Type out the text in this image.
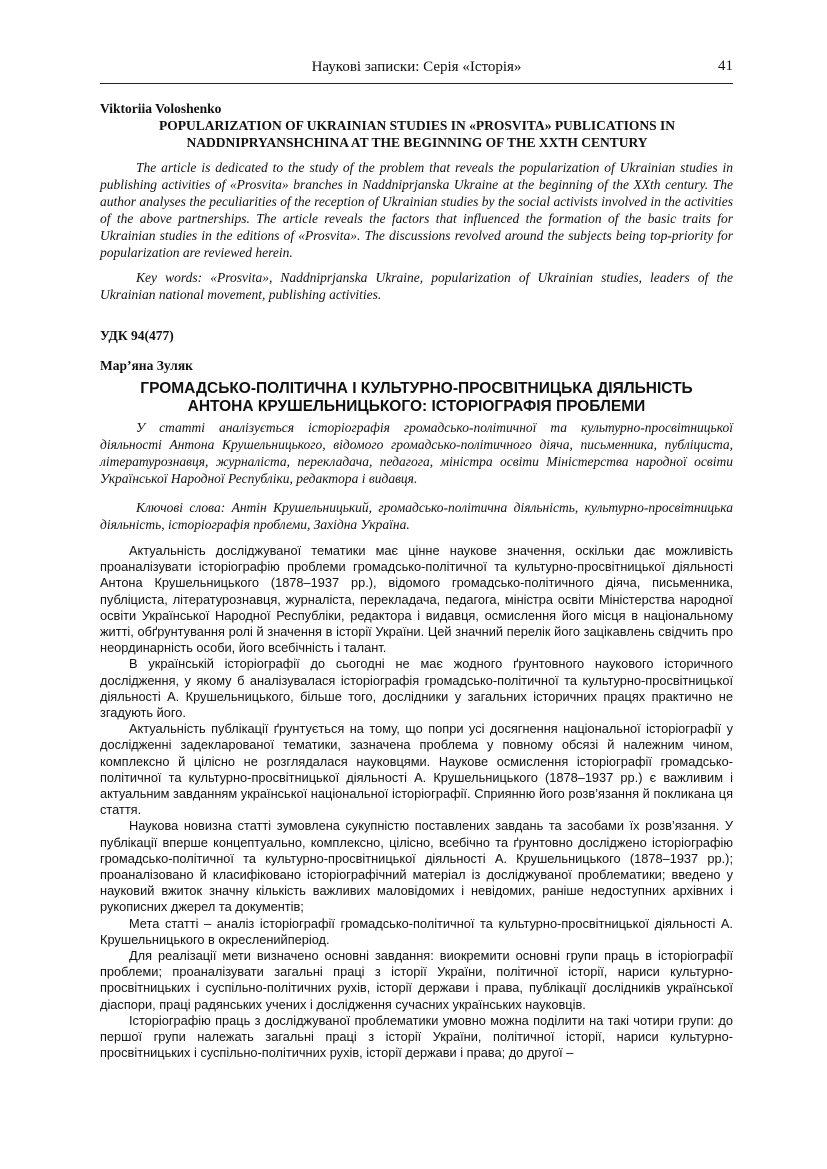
Наукові записки: Серія «Історія»	41
Viktoriia Voloshenko
POPULARIZATION OF UKRAINIAN STUDIES IN «PROSVITA» PUBLICATIONS IN NADDNIPRYANSHCHINA AT THE BEGINNING OF THE XXTH CENTURY
The article is dedicated to the study of the problem that reveals the popularization of Ukrainian studies in publishing activities of «Prosvita» branches in Naddniprjanska Ukraine at the beginning of the XXth century. The author analyses the peculiarities of the reception of Ukrainian studies by the social activists involved in the activities of the above partnerships. The article reveals the factors that influenced the formation of the basic traits for Ukrainian studies in the editions of «Prosvita». The discussions revolved around the subjects being top-priority for popularization are reviewed herein.
Key words: «Prosvita», Naddniprjanska Ukraine, popularization of Ukrainian studies, leaders of the Ukrainian national movement, publishing activities.
УДК 94(477)
Мар’яна Зуляк
ГРОМАДСЬКО-ПОЛІТИЧНА І КУЛЬТУРНО-ПРОСВІТНИЦЬКА ДІЯЛЬНІСТЬ
АНТОНА КРУШЕЛЬНИЦЬКОГО: ІСТОРІОГРАФІЯ ПРОБЛЕМИ
У статті аналізується історіографія громадсько-політичної та культурно-просвітницької діяльності Антона Крушельницького, відомого громадсько-політичного діяча, письменника, публіциста, літературознавця, журналіста, перекладача, педагога, міністра освіти Міністерства народної освіти Української Народної Республіки, редактора і видавця.
Ключові слова: Антін Крушельницький, громадсько-політична діяльність, культурно-просвітницька діяльність, історіографія проблеми, Західна Україна.

Актуальність досліджуваної тематики має цінне наукове значення, оскільки дає можливість проаналізувати історіографію проблеми громадсько-політичної та культурно-просвітницької діяльності Антона Крушельницького (1878–1937 рр.), відомого громадсько-політичного діяча, письменника, публіциста, літературознавця, журналіста, перекладача, педагога, міністра освіти Міністерства народної освіти Української Народної Республіки, редактора і видавця, осмислення його місця в національному житті, обґрунтування ролі й значення в історії України. Цей значний перелік його зацікавлень свідчить про неординарність особи, його всебічність і талант.

В українській історіографії до сьогодні не має жодного ґрунтовного наукового історичного дослідження, у якому б аналізувалася історіографія громадсько-політичної та культурно-просвітницької діяльності А. Крушельницького, більше того, дослідники у загальних історичних працях практично не згадують його.

Актуальність публікації ґрунтується на тому, що попри усі досягнення національної історіографії у дослідженні задекларованої тематики, зазначена проблема у повному обсязі й належним чином, комплексно й цілісно не розглядалася науковцями. Наукове осмислення історіографії громадсько-політичної та культурно-просвітницької діяльності А. Крушельницького (1878–1937 рр.) є важливим і актуальним завданням української національної історіографії. Сприянню його розв’язання й покликана ця стаття.

Наукова новизна статті зумовлена сукупністю поставлених завдань та засобами їх розв’язання. У публікації вперше концептуально, комплексно, цілісно, всебічно та ґрунтовно досліджено історіографію громадсько-політичної та культурно-просвітницької діяльності А. Крушельницького (1878–1937 рр.); проаналізовано й класифіковано історіографічний матеріал із досліджуваної проблематики; введено у науковий вжиток значну кількість важливих маловідомих і невідомих, раніше недоступних архівних і рукописних джерел та документів;

Мета статті – аналіз історіографії громадсько-політичної та культурно-просвітницької діяльності А. Крушельницького в окресленийперіод.

Для реалізації мети визначено основні завдання: виокремити основні групи праць в історіографії проблеми; проаналізувати загальні праці з історії України, політичної історії, нариси культурно-просвітницьких і суспільно-політичних рухів, історії держави і права, публікації дослідників української діаспори, праці радянських учених і дослідження сучасних українських науковців.

Історіографію праць з досліджуваної проблематики умовно можна поділити на такі чотири групи: до першої групи належать загальні праці з історії України, політичної історії, нариси культурно-просвітницьких і суспільно-політичних рухів, історії держави і права; до другої –
